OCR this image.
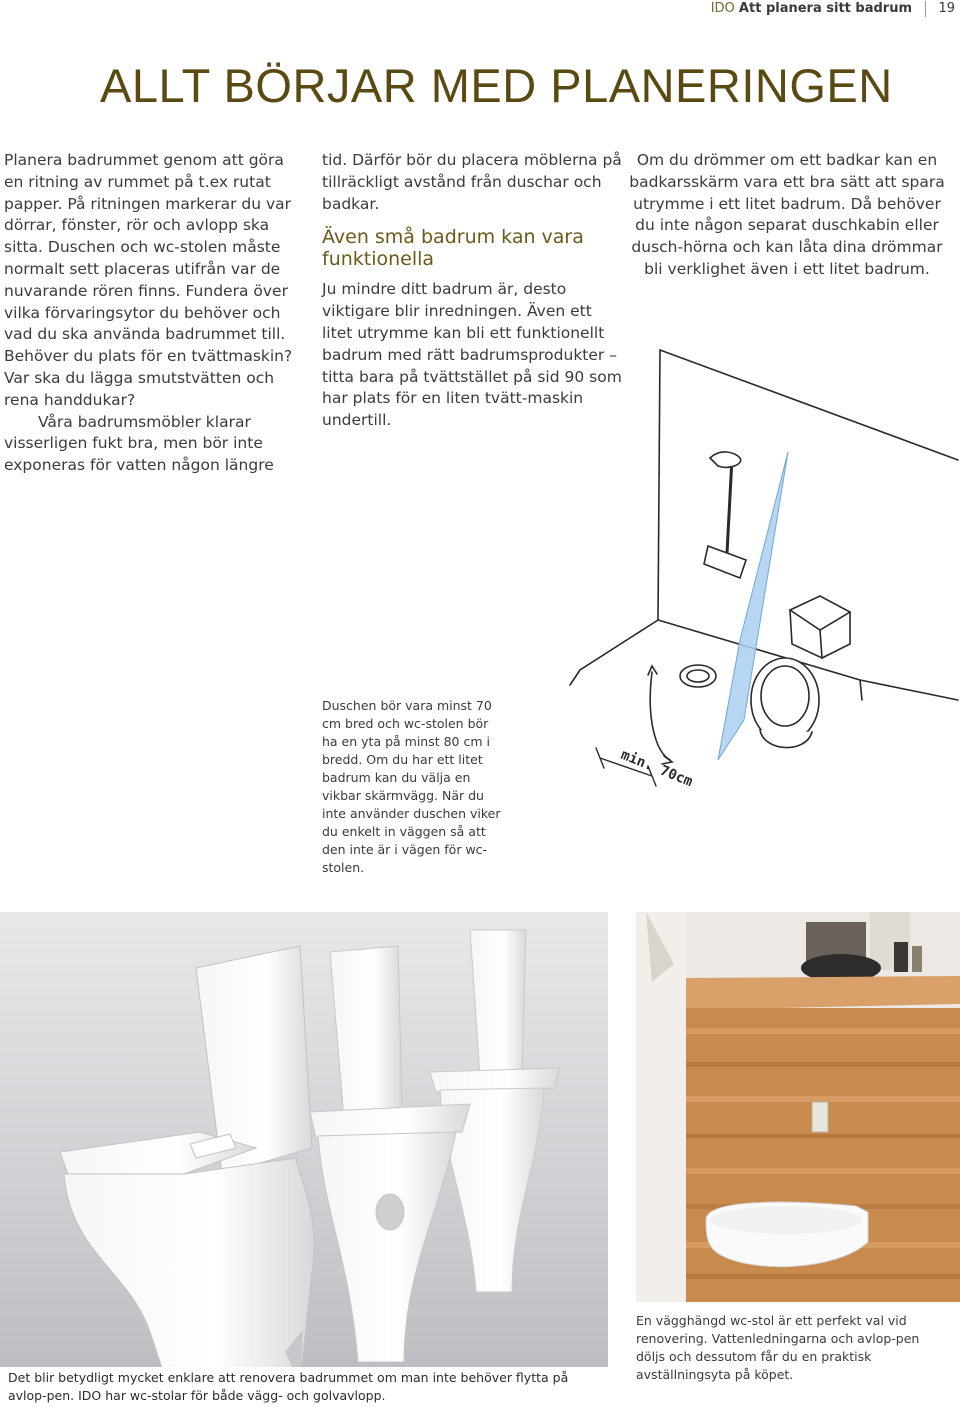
IDO Att planera sitt badrum 19
ALLT BÖRJAR MED PLANERINGEN

Planera badrummet genom att göra en ritning av rummet på t.ex rutat papper. På ritningen markerar du var dörrar, fönster, rör och avlopp ska sitta. Duschen och wc-stolen måste normalt sett placeras utifrån var de nuvarande rören finns. Fundera över vilka förvaringsytor du behöver och vad du ska använda badrummet till. Behöver du plats för en tvättmaskin? Var ska du lägga smutstvätten och rena handdukar?

Våra badrumsmöbler klarar visserligen fukt bra, men bör inte exponeras för vatten någon längre

tid. Därför bör du placera möblerna på tillräckligt avstånd från duschar och badkar.

Även små badrum kan vara funktionella

Ju mindre ditt badrum är, desto viktigare blir inredningen. Även ett litet utrymme kan bli ett funktionellt badrum med rätt badrumsprodukter – titta bara på tvättstället på sid 90 som har plats för en liten tvätt-maskin undertill.

Om du drömmer om ett badkar kan en badkarsskärm vara ett bra sätt att spara utrymme i ett litet badrum. Då behöver du inte någon separat duschkabin eller dusch-hörna och kan låta dina drömmar bli verklighet även i ett litet badrum.

min. 70cm
Duschen bör vara minst 70 cm bred och wc-stolen bör ha en yta på minst 80 cm i bredd. Om du har ett litet badrum kan du välja en vikbar skärmvägg. När du inte använder duschen viker du enkelt in väggen så att den inte är i vägen för wc-stolen.
Det blir betydligt mycket enklare att renovera badrummet om man inte behöver flytta på avlop-pen. IDO har wc-stolar för både vägg- och golvavlopp.
En vägghängd wc-stol är ett perfekt val vid renovering. Vattenledningarna och avlop-pen döljs och dessutom får du en praktisk avställningsyta på köpet.
